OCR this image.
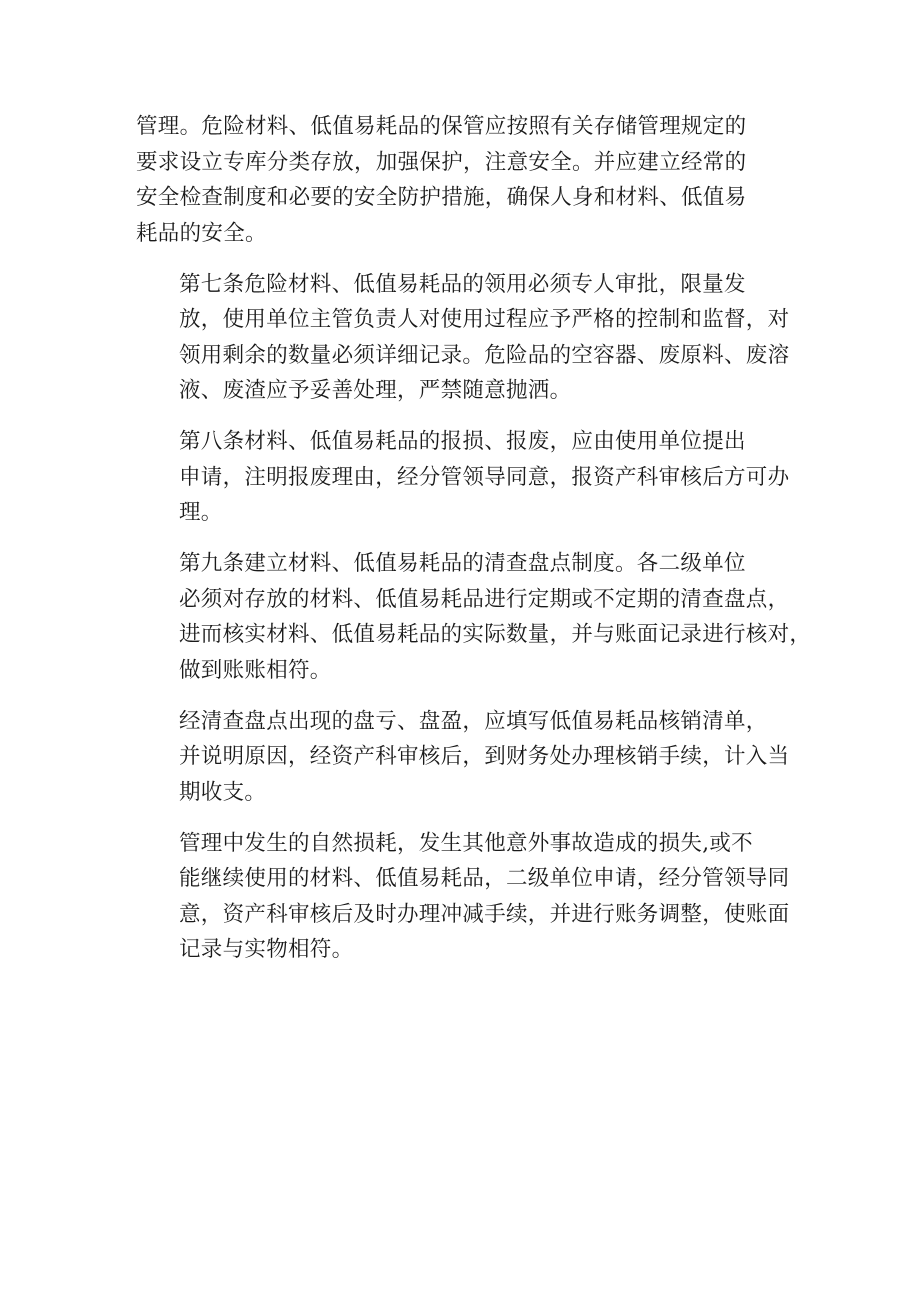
管理。危险材料、低值易耗品的保管应按照有关存储管理规定的
要求设立专库分类存放，加强保护，注意安全。并应建立经常的
安全检查制度和必要的安全防护措施，确保人身和材料、低值易
耗品的安全。

第七条危险材料、低值易耗品的领用必须专人审批，限量发
放，使用单位主管负责人对使用过程应予严格的控制和监督，对
领用剩余的数量必须详细记录。危险品的空容器、废原料、废溶
液、废渣应予妥善处理，严禁随意抛洒。

第八条材料、低值易耗品的报损、报废，应由使用单位提出
申请，注明报废理由，经分管领导同意，报资产科审核后方可办
理。

第九条建立材料、低值易耗品的清查盘点制度。各二级单位
必须对存放的材料、低值易耗品进行定期或不定期的清查盘点，
进而核实材料、低值易耗品的实际数量，并与账面记录进行核对，
做到账账相符。

经清查盘点出现的盘亏、盘盈，应填写低值易耗品核销清单，
并说明原因，经资产科审核后，到财务处办理核销手续，计入当
期收支。

管理中发生的自然损耗，发生其他意外事故造成的损失,或不
能继续使用的材料、低值易耗品，二级单位申请，经分管领导同
意，资产科审核后及时办理冲减手续，并进行账务调整，使账面
记录与实物相符。
